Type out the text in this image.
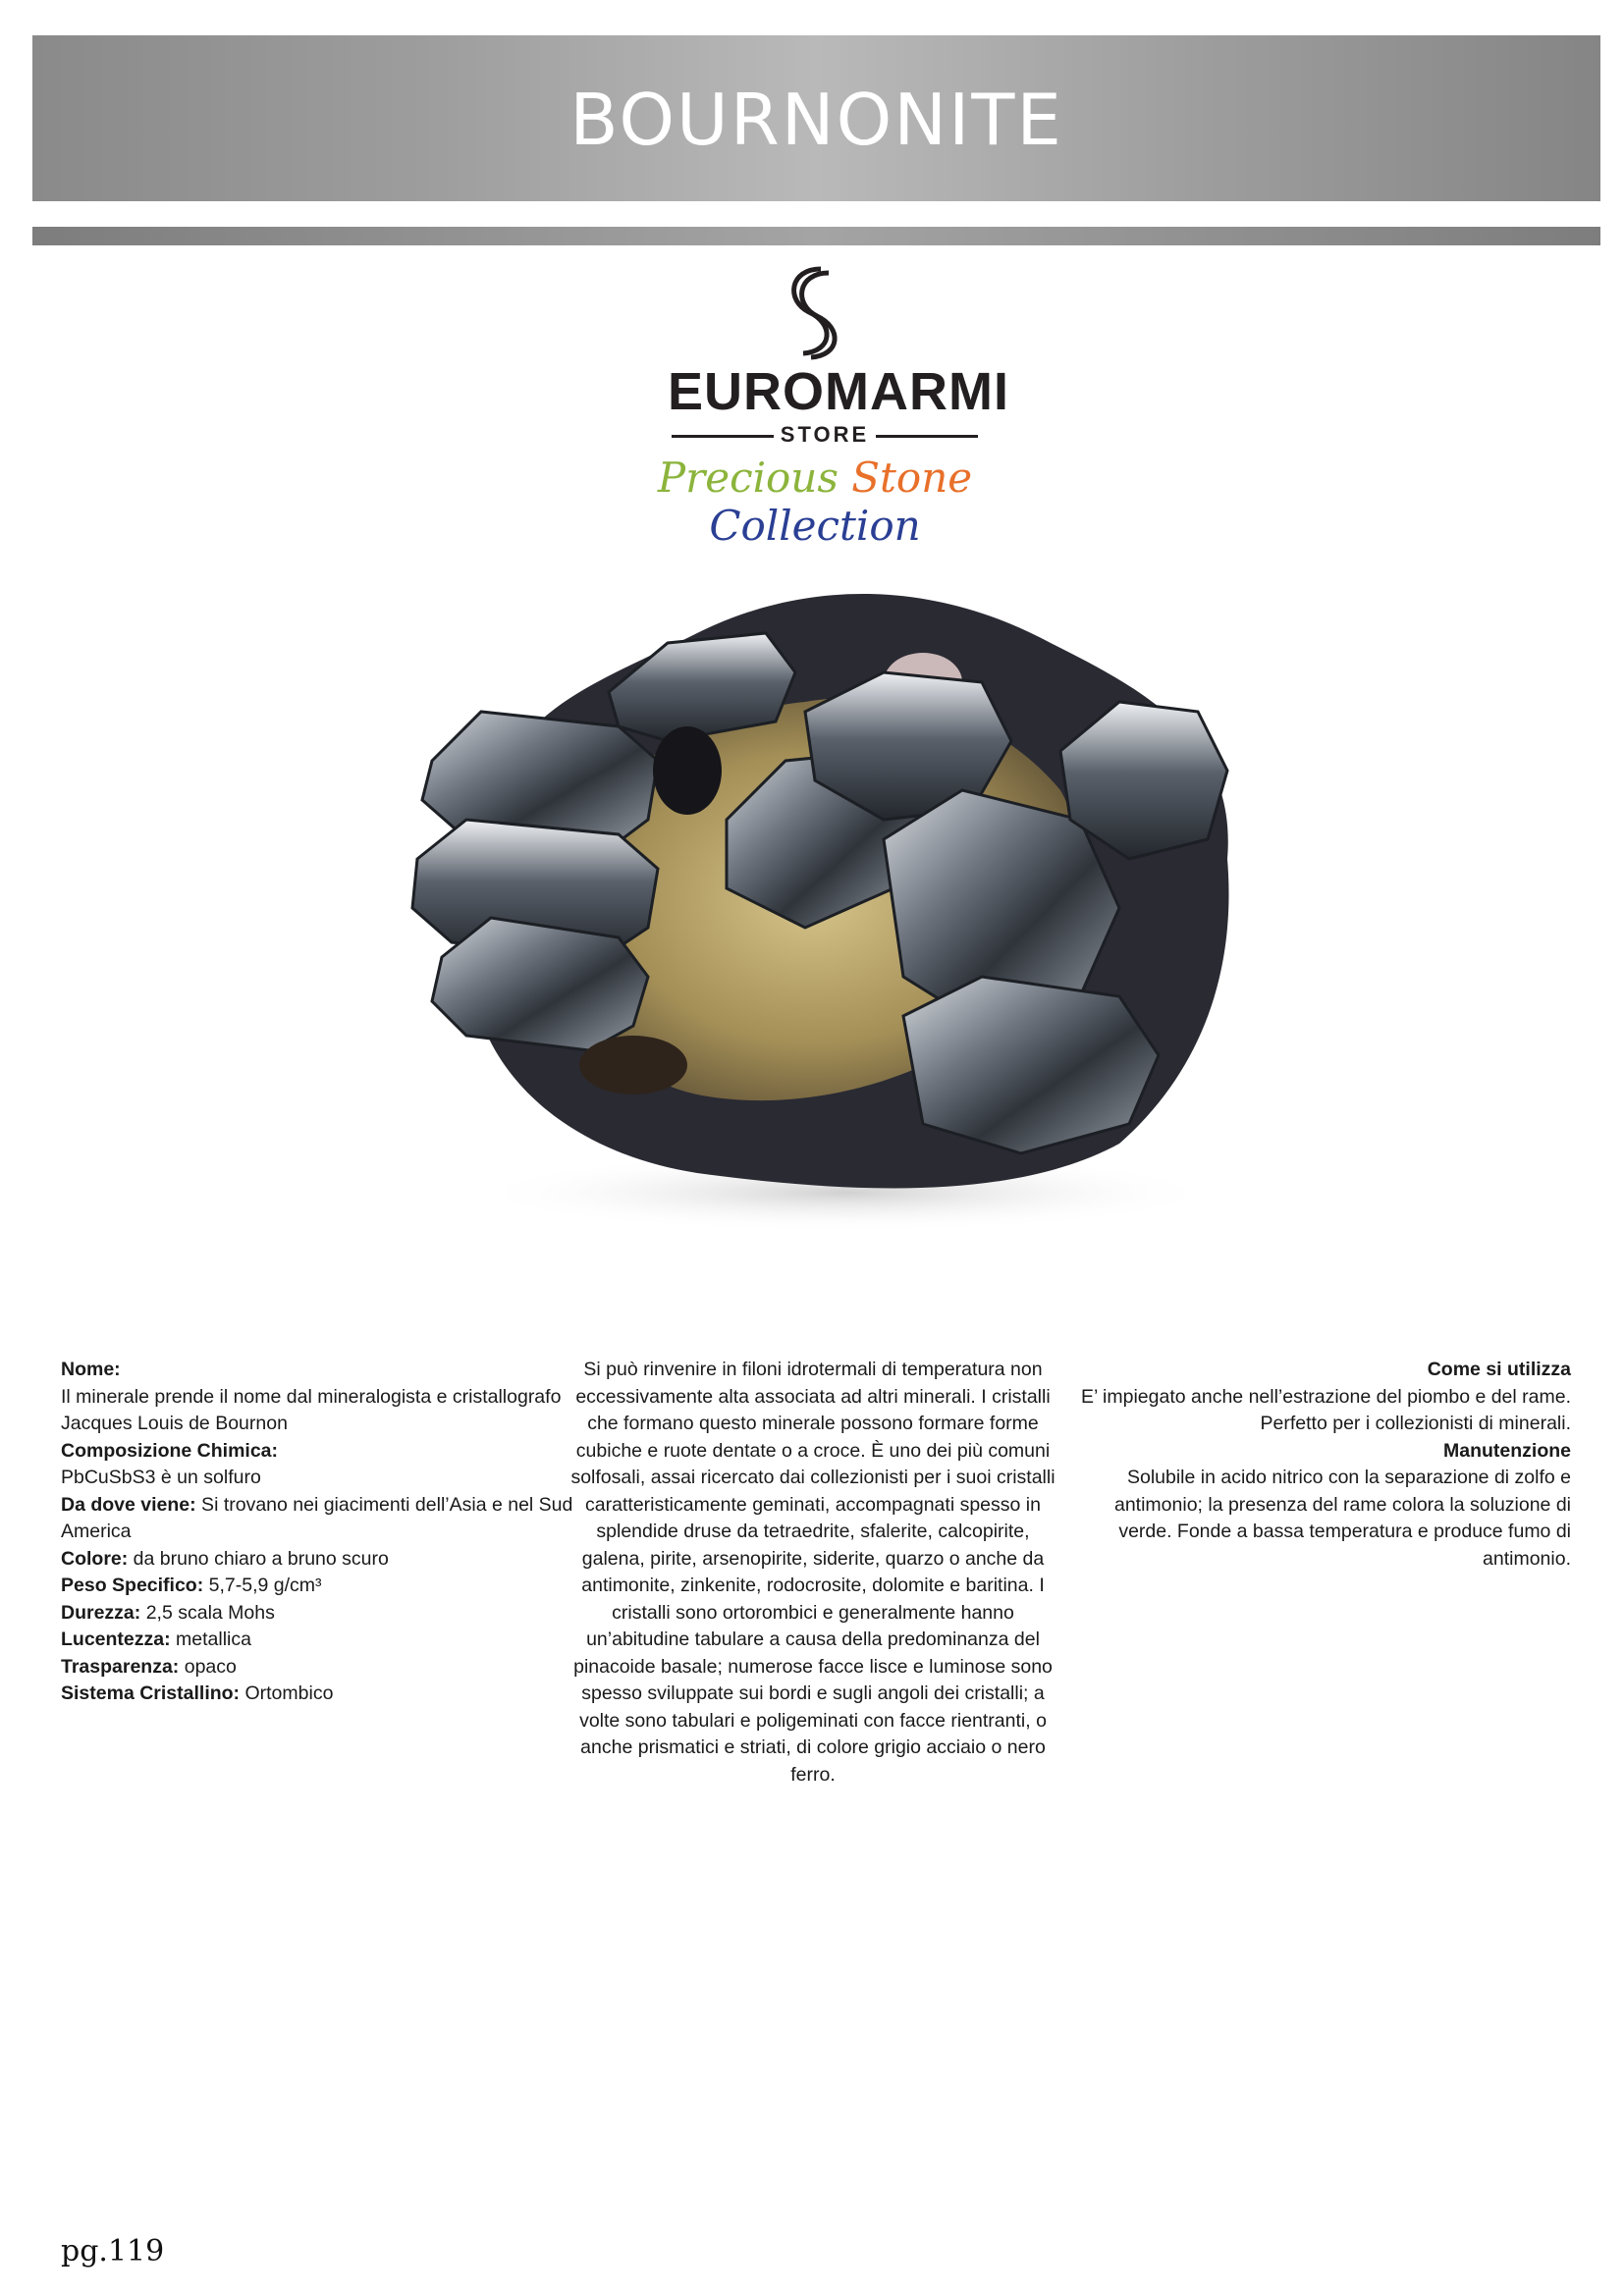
BOURNONITE
EUROMARMI
STORE
Precious Stone Collection

Nome:

Il minerale prende il nome dal mineralogista e cristallografo Jacques Louis de Bournon

Composizione Chimica:

PbCuSbS3 è un solfuro

Da dove viene: Si trovano nei giacimenti dell’Asia e nel Sud America

Colore: da bruno chiaro a bruno scuro

Peso Specifico: 5,7-5,9 g/cm³

Durezza: 2,5 scala Mohs

Lucentezza: metallica

Trasparenza: opaco

Sistema Cristallino: Ortombico

Si può rinvenire in filoni idrotermali di temperatura non eccessivamente alta associata ad altri minerali. I cristalli che formano questo minerale possono formare forme cubiche e ruote dentate o a croce. È uno dei più comuni solfosali, assai ricercato dai collezionisti per i suoi cristalli caratteristicamente geminati, accompagnati spesso in splendide druse da tetraedrite, sfalerite, calcopirite, galena, pirite, arsenopirite, siderite, quarzo o anche da antimonite, zinkenite, rodocrosite, dolomite e baritina. I cristalli sono ortorombici e generalmente hanno un’abitudine tabulare a causa della predominanza del pinacoide basale; numerose facce lisce e luminose sono spesso sviluppate sui bordi e sugli angoli dei cristalli; a volte sono tabulari e poligeminati con facce rientranti, o anche prismatici e striati, di colore grigio acciaio o nero ferro.

Come si utilizza

E’ impiegato anche nell’estrazione del piombo e del rame. Perfetto per i collezionisti di minerali.

Manutenzione

Solubile in acido nitrico con la separazione di zolfo e antimonio; la presenza del rame colora la soluzione di verde. Fonde a bassa temperatura e produce fumo di antimonio.

pg.119
